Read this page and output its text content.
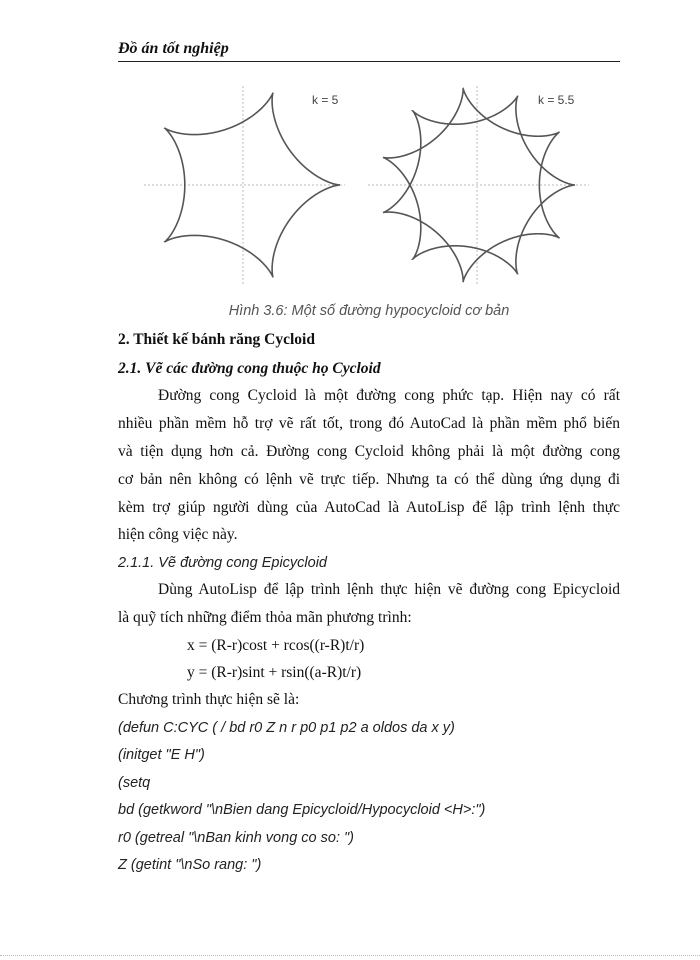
Đồ án tốt nghiệp
k = 5	k = 5.5
Hình 3.6: Một số đường hypocycloid cơ bản
2. Thiết kế bánh răng Cycloid
2.1. Vẽ các đường cong thuộc họ Cycloid
Đường cong Cycloid là một đường cong phức tạp. Hiện nay có rất
nhiều phần mềm hỗ trợ vẽ rất tốt, trong đó AutoCad là phần mềm phổ biến
và tiện dụng hơn cả. Đường cong Cycloid không phải là một đường cong
cơ bản nên không có lệnh vẽ trực tiếp. Nhưng ta có thể dùng ứng dụng đi
kèm trợ giúp người dùng của AutoCad là AutoLisp để lập trình lệnh thực
hiện công việc này.
2.1.1. Vẽ đường cong Epicycloid
Dùng AutoLisp để lập trình lệnh thực hiện vẽ đường cong Epicycloid
là quỹ tích những điểm thỏa mãn phương trình:
x = (R-r)cost + rcos((r-R)t/r)
y = (R-r)sint + rsin((a-R)t/r)
Chương trình thực hiện sẽ là:
(defun C:CYC ( / bd r0 Z n r p0 p1 p2 a oldos da x y)
(initget "E H")
(setq
bd (getkword "\nBien dang Epicycloid/Hypocycloid <H>:")
r0 (getreal "\nBan kinh vong co so: ")
Z (getint "\nSo rang: ")
